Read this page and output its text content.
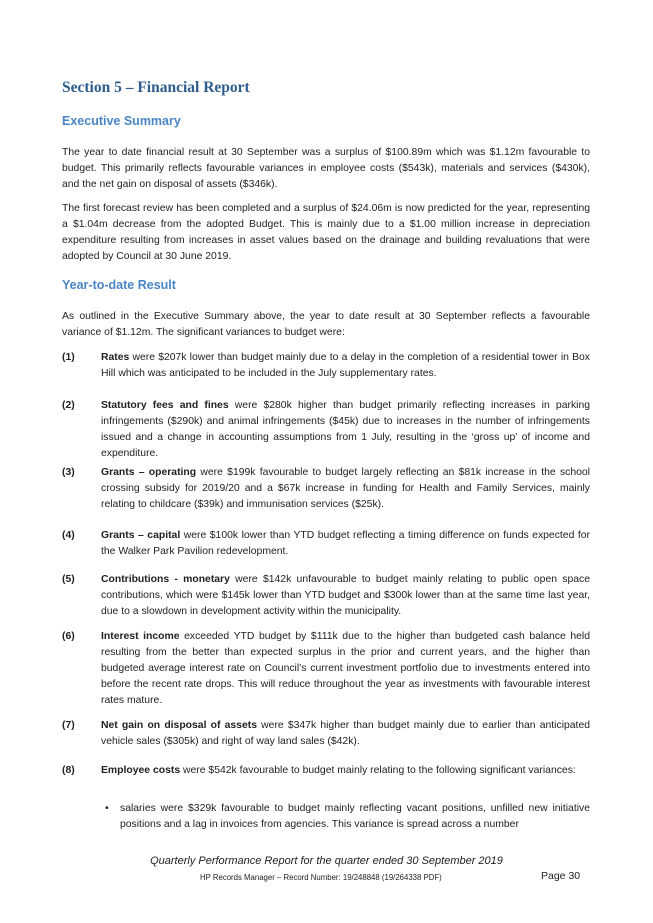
Section 5 – Financial Report
Executive Summary

The year to date financial result at 30 September was a surplus of $100.89m which was $1.12m favourable to budget. This primarily reflects favourable variances in employee costs ($543k), materials and services ($430k), and the net gain on disposal of assets ($346k).

The first forecast review has been completed and a surplus of $24.06m is now predicted for the year, representing a $1.04m decrease from the adopted Budget. This is mainly due to a $1.00 million increase in depreciation expenditure resulting from increases in asset values based on the drainage and building revaluations that were adopted by Council at 30 June 2019.

Year-to-date Result

As outlined in the Executive Summary above, the year to date result at 30 September reflects a favourable variance of $1.12m. The significant variances to budget were:

(1)	Rates were $207k lower than budget mainly due to a delay in the completion of a residential tower in Box Hill which was anticipated to be included in the July supplementary rates.
(2)	Statutory fees and fines were $280k higher than budget primarily reflecting increases in parking infringements ($290k) and animal infringements ($45k) due to increases in the number of infringements issued and a change in accounting assumptions from 1 July, resulting in the ‘gross up’ of income and expenditure.
(3)	Grants – operating were $199k favourable to budget largely reflecting an $81k increase in the school crossing subsidy for 2019/20 and a $67k increase in funding for Health and Family Services, mainly relating to childcare ($39k) and immunisation services ($25k).
(4)	Grants – capital were $100k lower than YTD budget reflecting a timing difference on funds expected for the Walker Park Pavilion redevelopment.
(5)	Contributions - monetary were $142k unfavourable to budget mainly relating to public open space contributions, which were $145k lower than YTD budget and $300k lower than at the same time last year, due to a slowdown in development activity within the municipality.
(6)	Interest income exceeded YTD budget by $111k due to the higher than budgeted cash balance held resulting from the better than expected surplus in the prior and current years, and the higher than budgeted average interest rate on Council’s current investment portfolio due to investments entered into before the recent rate drops. This will reduce throughout the year as investments with favourable interest rates mature.
(7)	Net gain on disposal of assets were $347k higher than budget mainly due to earlier than anticipated vehicle sales ($305k) and right of way land sales ($42k).
(8)	Employee costs were $542k favourable to budget mainly relating to the following significant variances:
• salaries were $329k favourable to budget mainly reflecting vacant positions, unfilled new initiative positions and a lag in invoices from agencies. This variance is spread across a number
Quarterly Performance Report for the quarter ended 30 September 2019
HP Records Manager – Record Number: 19/248848 (19/264338 PDF)	Page 30
